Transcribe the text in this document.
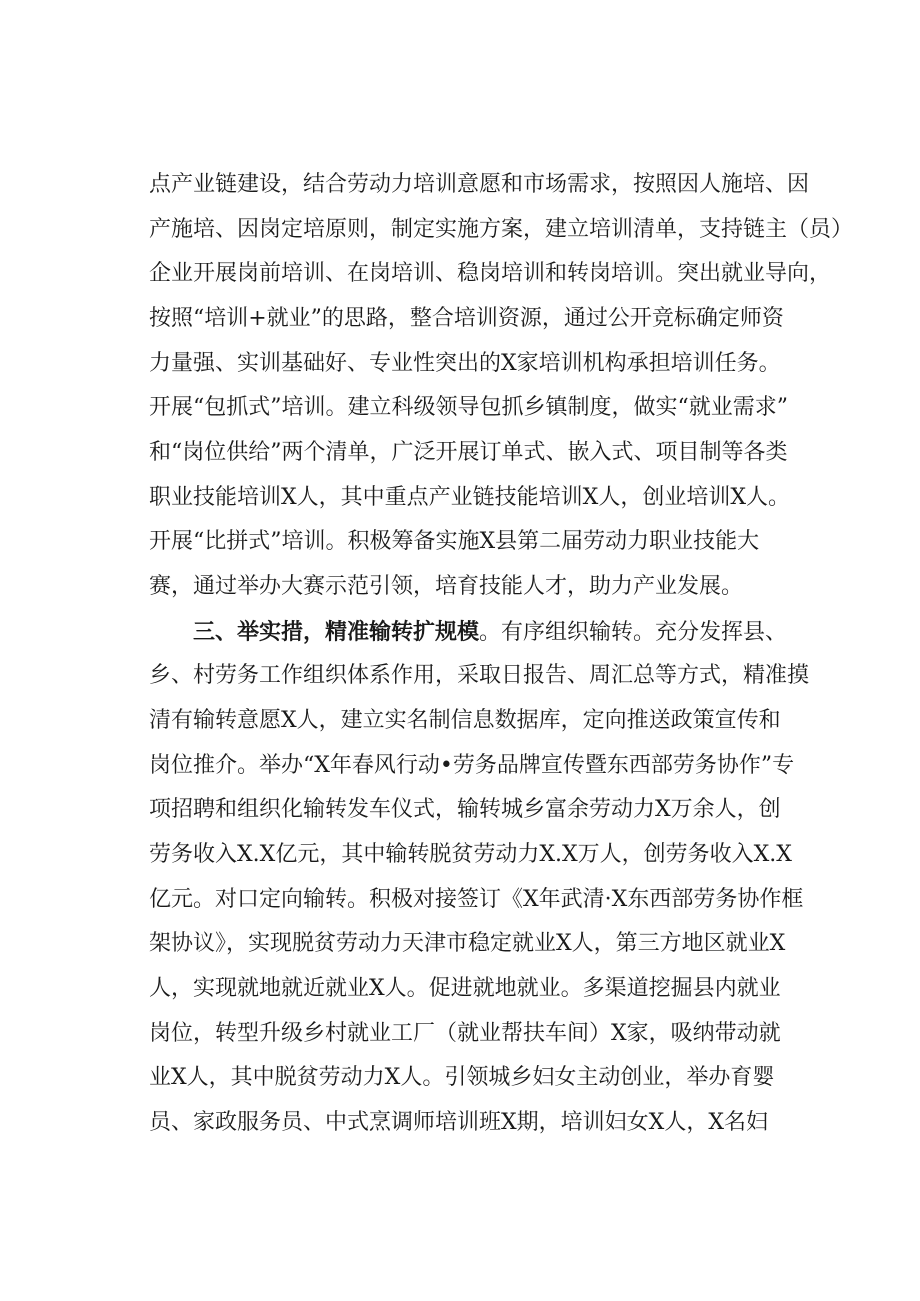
点产业链建设，结合劳动力培训意愿和市场需求，按照因人施培、因
产施培、因岗定培原则，制定实施方案，建立培训清单，支持链主（员）
企业开展岗前培训、在岗培训、稳岗培训和转岗培训。突出就业导向，
按照“培训+就业”的思路，整合培训资源，通过公开竞标确定师资
力量强、实训基础好、专业性突出的X家培训机构承担培训任务。
开展“包抓式”培训。建立科级领导包抓乡镇制度，做实“就业需求”
和“岗位供给”两个清单，广泛开展订单式、嵌入式、项目制等各类
职业技能培训X人，其中重点产业链技能培训X人，创业培训X人。
开展“比拼式”培训。积极筹备实施X县第二届劳动力职业技能大
赛，通过举办大赛示范引领，培育技能人才，助力产业发展。
三、举实措，精准输转扩规模。有序组织输转。充分发挥县、
乡、村劳务工作组织体系作用，采取日报告、周汇总等方式，精准摸
清有输转意愿X人，建立实名制信息数据库，定向推送政策宣传和
岗位推介。举办“X年春风行动•劳务品牌宣传暨东西部劳务协作”专
项招聘和组织化输转发车仪式，输转城乡富余劳动力X万余人，创
劳务收入X.X亿元，其中输转脱贫劳动力X.X万人，创劳务收入X.X
亿元。对口定向输转。积极对接签订《X年武清·X东西部劳务协作框
架协议》，实现脱贫劳动力天津市稳定就业X人，第三方地区就业X
人，实现就地就近就业X人。促进就地就业。多渠道挖掘县内就业
岗位，转型升级乡村就业工厂（就业帮扶车间）X家，吸纳带动就
业X人，其中脱贫劳动力X人。引领城乡妇女主动创业，举办育婴
员、家政服务员、中式烹调师培训班X期，培训妇女X人，X名妇
